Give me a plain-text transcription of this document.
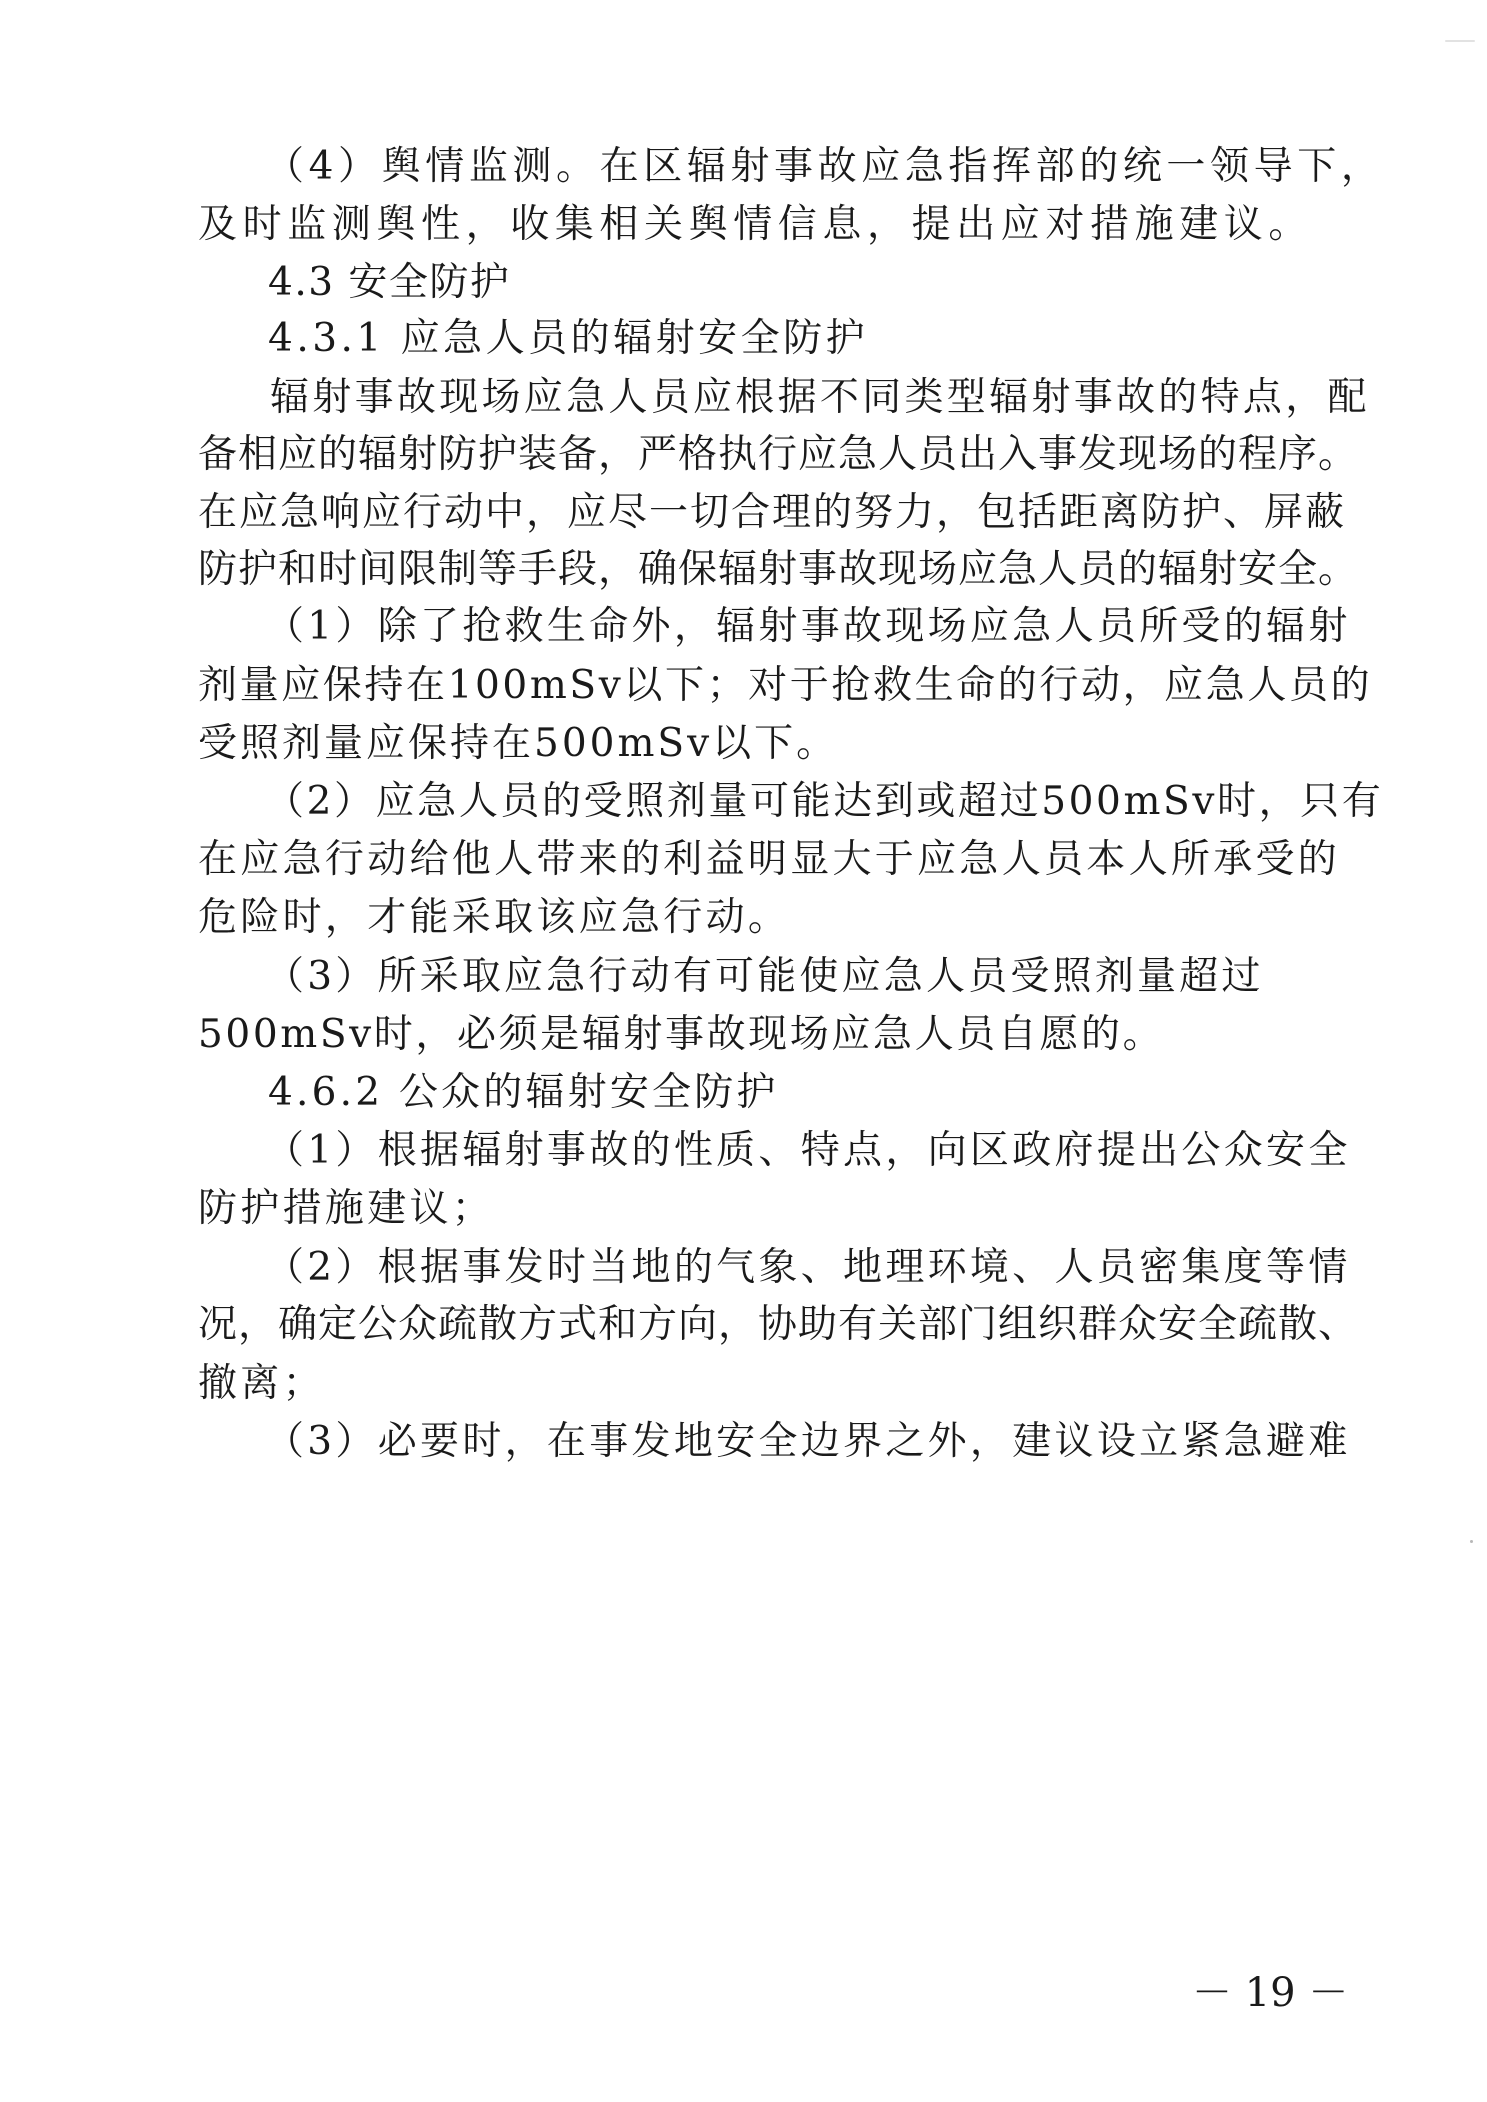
（4）舆情监测。在区辐射事故应急指挥部的统一领导下，

及时监测舆性，收集相关舆情信息，提出应对措施建议。

4.3 安全防护

4.3.1 应急人员的辐射安全防护

辐射事故现场应急人员应根据不同类型辐射事故的特点，配

备相应的辐射防护装备，严格执行应急人员出入事发现场的程序。

在应急响应行动中，应尽一切合理的努力，包括距离防护、屏蔽

防护和时间限制等手段，确保辐射事故现场应急人员的辐射安全。

（1）除了抢救生命外，辐射事故现场应急人员所受的辐射

剂量应保持在100mSv以下；对于抢救生命的行动，应急人员的

受照剂量应保持在500mSv以下。

（2）应急人员的受照剂量可能达到或超过500mSv时，只有

在应急行动给他人带来的利益明显大于应急人员本人所承受的

危险时，才能采取该应急行动。

（3）所采取应急行动有可能使应急人员受照剂量超过

500mSv时，必须是辐射事故现场应急人员自愿的。

4.6.2 公众的辐射安全防护

（1）根据辐射事故的性质、特点，向区政府提出公众安全

防护措施建议；

（2）根据事发时当地的气象、地理环境、人员密集度等情

况，确定公众疏散方式和方向，协助有关部门组织群众安全疏散、

撤离；

（3）必要时，在事发地安全边界之外，建议设立紧急避难

－ 19 －
